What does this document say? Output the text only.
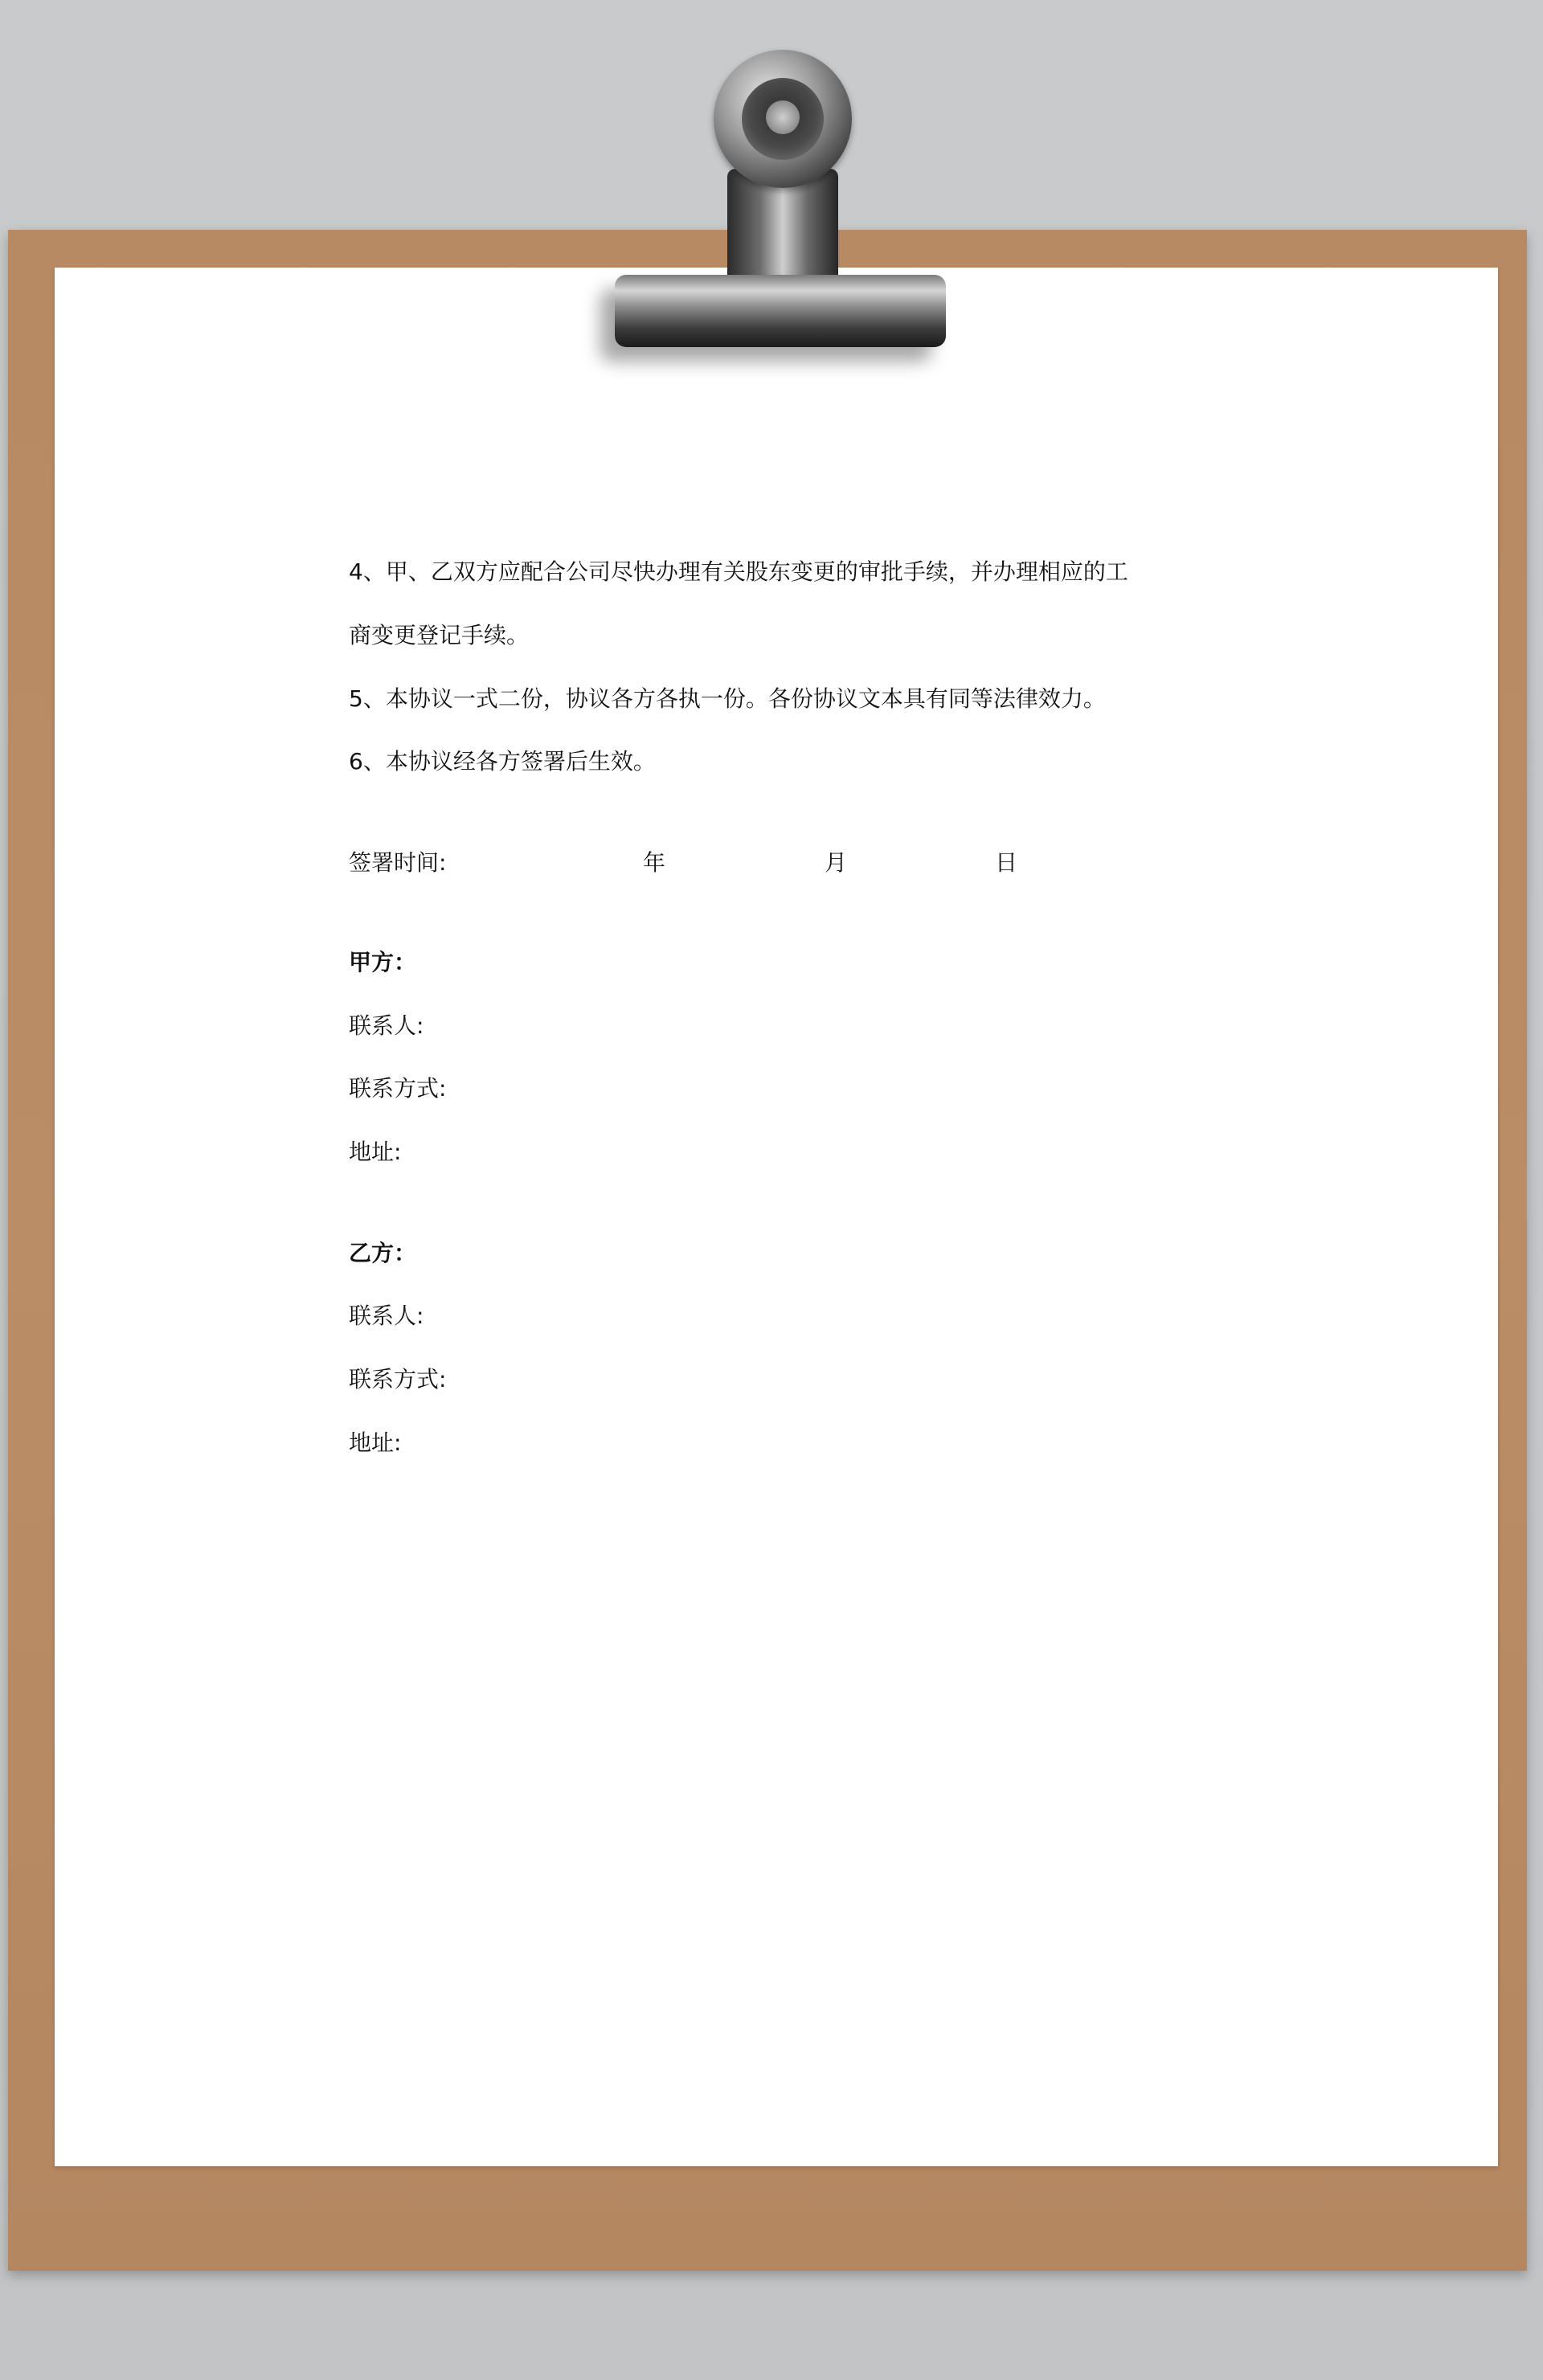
4、甲、乙双方应配合公司尽快办理有关股东变更的审批手续，并办理相应的工

商变更登记手续。

5、本协议一式二份，协议各方各执一份。各份协议文本具有同等法律效力。

6、本协议经各方签署后生效。

签署时间:	年	月	日
甲方：
联系人:
联系方式:
地址:
乙方：
联系人:
联系方式:
地址:
